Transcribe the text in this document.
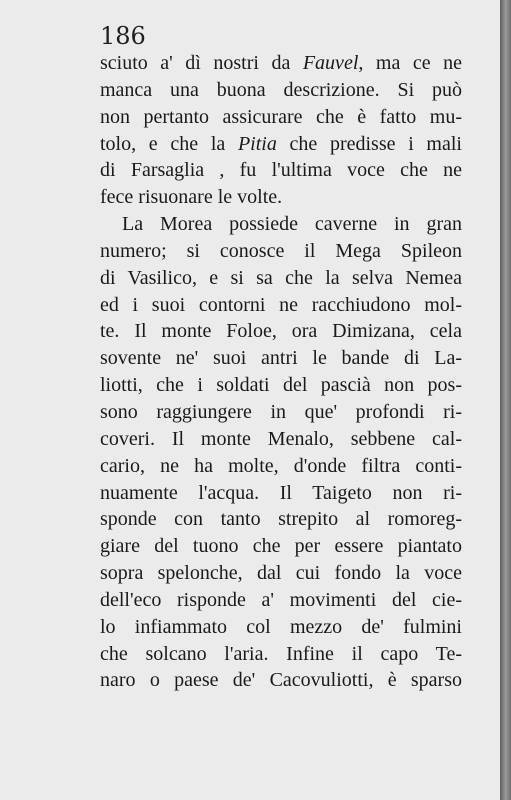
186
sciuto a' dì nostri da Fauvel, ma ce ne
manca una buona descrizione. Si può
non pertanto assicurare che è fatto mu-
tolo, e che la Pitia che predisse i mali
di Farsaglia , fu l'ultima voce che ne
fece risuonare le volte.
La Morea possiede caverne in gran
numero; si conosce il Mega Spileon
di Vasilico, e si sa che la selva Nemea
ed i suoi contorni ne racchiudono mol-
te. Il monte Foloe, ora Dimizana, cela
sovente ne' suoi antri le bande di La-
liotti, che i soldati del pascià non pos-
sono raggiungere in que' profondi ri-
coveri. Il monte Menalo, sebbene cal-
cario, ne ha molte, d'onde filtra conti-
nuamente l'acqua. Il Taigeto non ri-
sponde con tanto strepito al romoreg-
giare del tuono che per essere piantato
sopra spelonche, dal cui fondo la voce
dell'eco risponde a' movimenti del cie-
lo infiammato col mezzo de' fulmini
che solcano l'aria. Infine il capo Te-
naro o paese de' Cacovuliotti, è sparso
